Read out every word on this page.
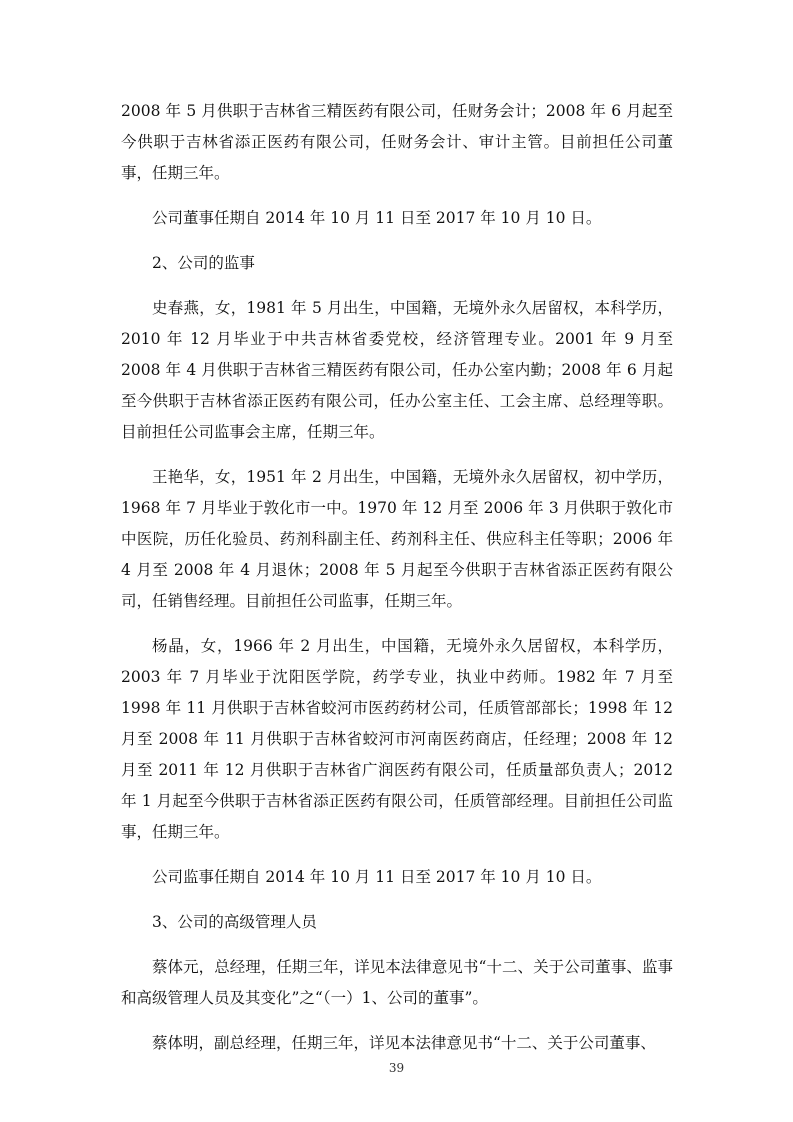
2008 年 5 月供职于吉林省三精医药有限公司，任财务会计；2008 年 6 月起至今供职于吉林省添正医药有限公司，任财务会计、审计主管。目前担任公司董事，任期三年。

公司董事任期自 2014 年 10 月 11 日至 2017 年 10 月 10 日。

2、公司的监事

史春燕，女，1981 年 5 月出生，中国籍，无境外永久居留权，本科学历，2010 年 12 月毕业于中共吉林省委党校，经济管理专业。2001 年 9 月至 2008 年 4 月供职于吉林省三精医药有限公司，任办公室内勤；2008 年 6 月起至今供职于吉林省添正医药有限公司，任办公室主任、工会主席、总经理等职。目前担任公司监事会主席，任期三年。

王艳华，女，1951 年 2 月出生，中国籍，无境外永久居留权，初中学历，1968 年 7 月毕业于敦化市一中。1970 年 12 月至 2006 年 3 月供职于敦化市中医院，历任化验员、药剂科副主任、药剂科主任、供应科主任等职；2006 年 4 月至 2008 年 4 月退休；2008 年 5 月起至今供职于吉林省添正医药有限公司，任销售经理。目前担任公司监事，任期三年。

杨晶，女，1966 年 2 月出生，中国籍，无境外永久居留权，本科学历，2003 年 7 月毕业于沈阳医学院，药学专业，执业中药师。1982 年 7 月至 1998 年 11 月供职于吉林省蛟河市医药药材公司，任质管部部长；1998 年 12 月至 2008 年 11 月供职于吉林省蛟河市河南医药商店，任经理；2008 年 12 月至 2011 年 12 月供职于吉林省广润医药有限公司，任质量部负责人；2012 年 1 月起至今供职于吉林省添正医药有限公司，任质管部经理。目前担任公司监事，任期三年。

公司监事任期自 2014 年 10 月 11 日至 2017 年 10 月 10 日。

3、公司的高级管理人员

蔡体元，总经理，任期三年，详见本法律意见书“十二、关于公司董事、监事和高级管理人员及其变化”之“（一）1、公司的董事”。

蔡体明，副总经理，任期三年，详见本法律意见书“十二、关于公司董事、

39
